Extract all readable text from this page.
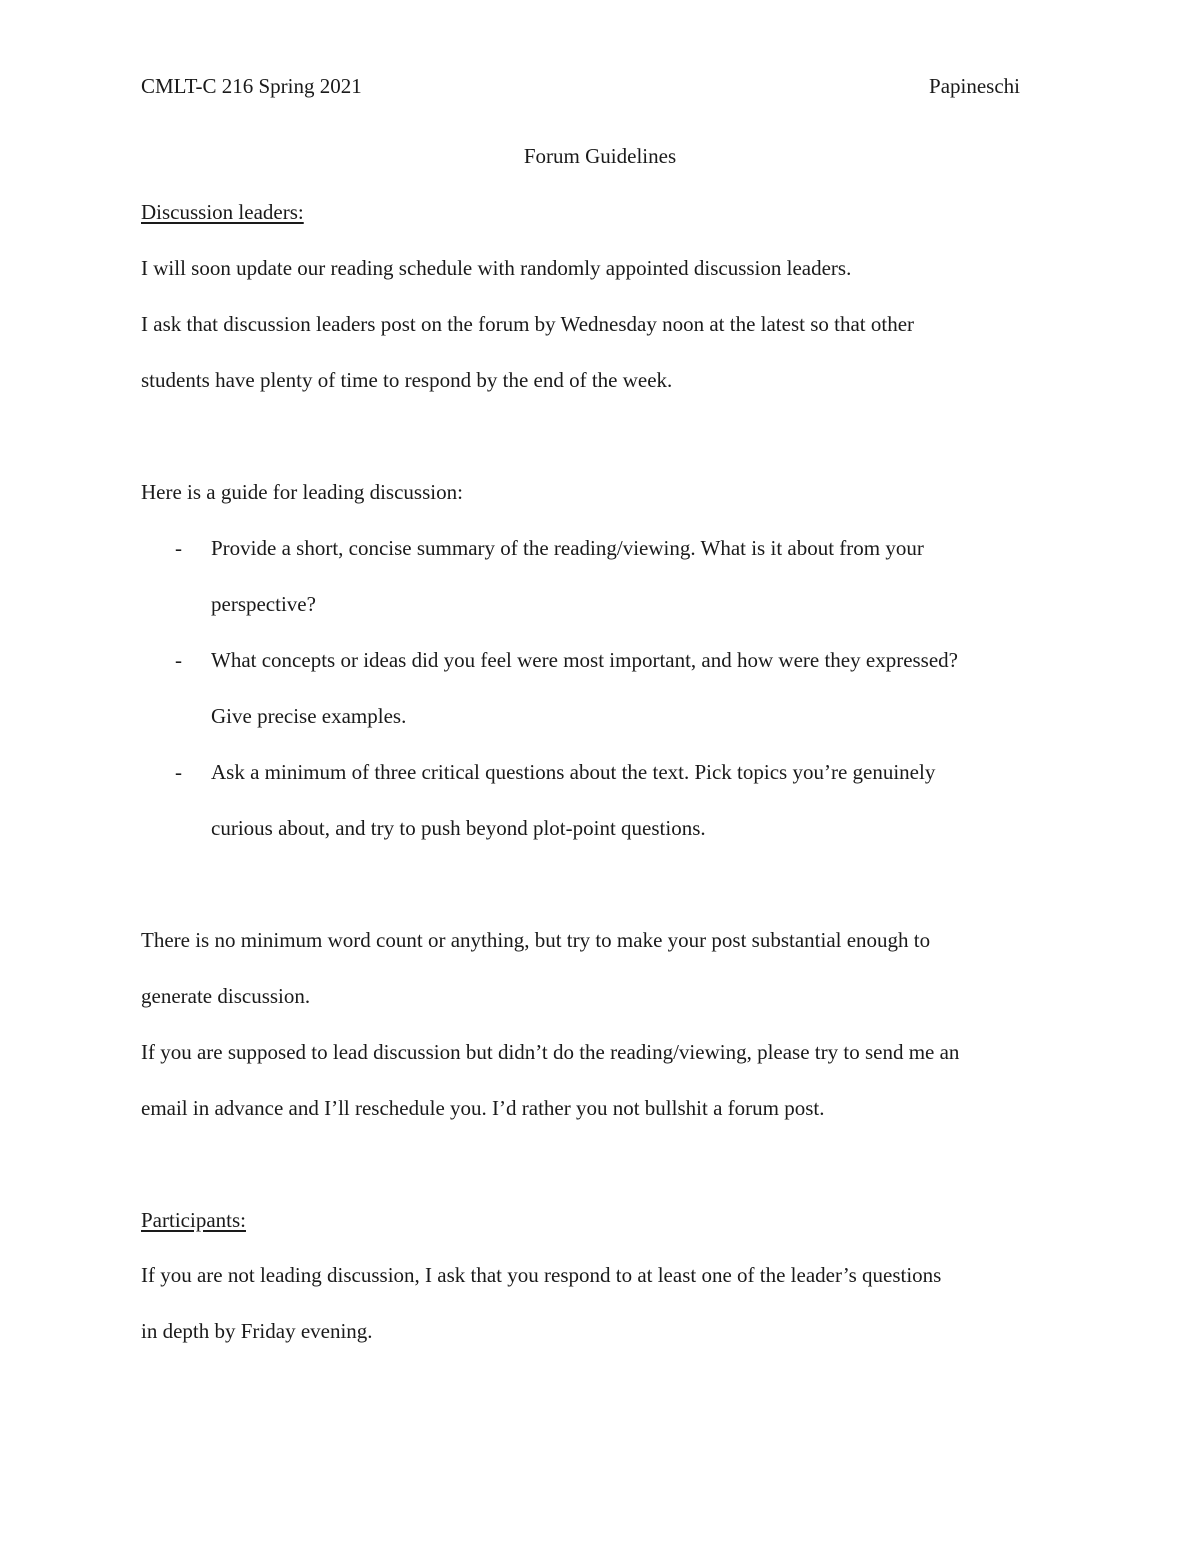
CMLT-C 216 Spring 2021	Papineschi
Forum Guidelines
Discussion leaders:
I will soon update our reading schedule with randomly appointed discussion leaders.
I ask that discussion leaders post on the forum by Wednesday noon at the latest so that other
students have plenty of time to respond by the end of the week.
Here is a guide for leading discussion:
- Provide a short, concise summary of the reading/viewing. What is it about from your
perspective?
- What concepts or ideas did you feel were most important, and how were they expressed?
Give precise examples.
- Ask a minimum of three critical questions about the text. Pick topics you’re genuinely
curious about, and try to push beyond plot-point questions.
There is no minimum word count or anything, but try to make your post substantial enough to
generate discussion.
If you are supposed to lead discussion but didn’t do the reading/viewing, please try to send me an
email in advance and I’ll reschedule you. I’d rather you not bullshit a forum post.
Participants:
If you are not leading discussion, I ask that you respond to at least one of the leader’s questions
in depth by Friday evening.
